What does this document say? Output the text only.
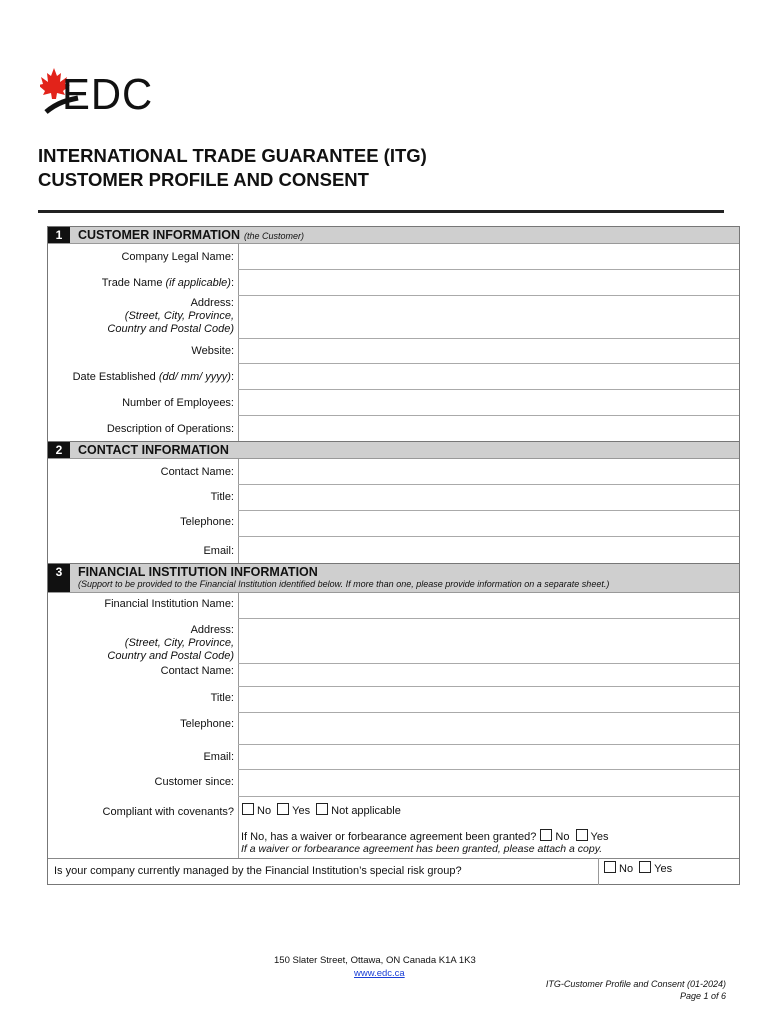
EDC
INTERNATIONAL TRADE GUARANTEE (ITG)
CUSTOMER PROFILE AND CONSENT
1	CUSTOMER INFORMATION (the Customer)
Company Legal Name:
Trade Name (if applicable):
Address:
(Street, City, Province,
Country and Postal Code)
Website:
Date Established (dd/ mm/ yyyy):
Number of Employees:
Description of Operations:
2	CONTACT INFORMATION
Contact Name:
Title:
Telephone:
Email:
3	FINANCIAL INSTITUTION INFORMATION
(Support to be provided to the Financial Institution identified below. If more than one, please provide information on a separate sheet.)
Financial Institution Name:
Address:
(Street, City, Province,
Country and Postal Code)
Contact Name:
Title:
Telephone:
Email:
Customer since:
Compliant with covenants?	No Yes Not applicable
If No, has a waiver or forbearance agreement been granted? No Yes
If a waiver or forbearance agreement has been granted, please attach a copy.
Is your company currently managed by the Financial Institution’s special risk group?	No Yes
150 Slater Street, Ottawa, ON Canada K1A 1K3
www.edc.ca
ITG-Customer Profile and Consent (01-2024)
Page 1 of 6
